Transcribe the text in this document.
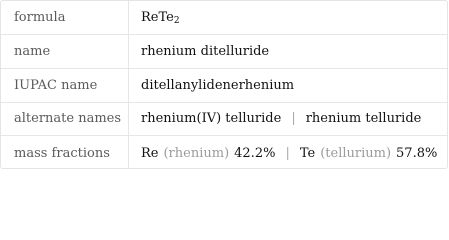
formula	ReTe 2
name	rhenium ditelluride
IUPAC name	ditellanylidenerhenium
alternate names	rhenium(IV) telluride | rhenium telluride
mass fractions	Re (rhenium) 42.2% | Te (tellurium) 57.8%
